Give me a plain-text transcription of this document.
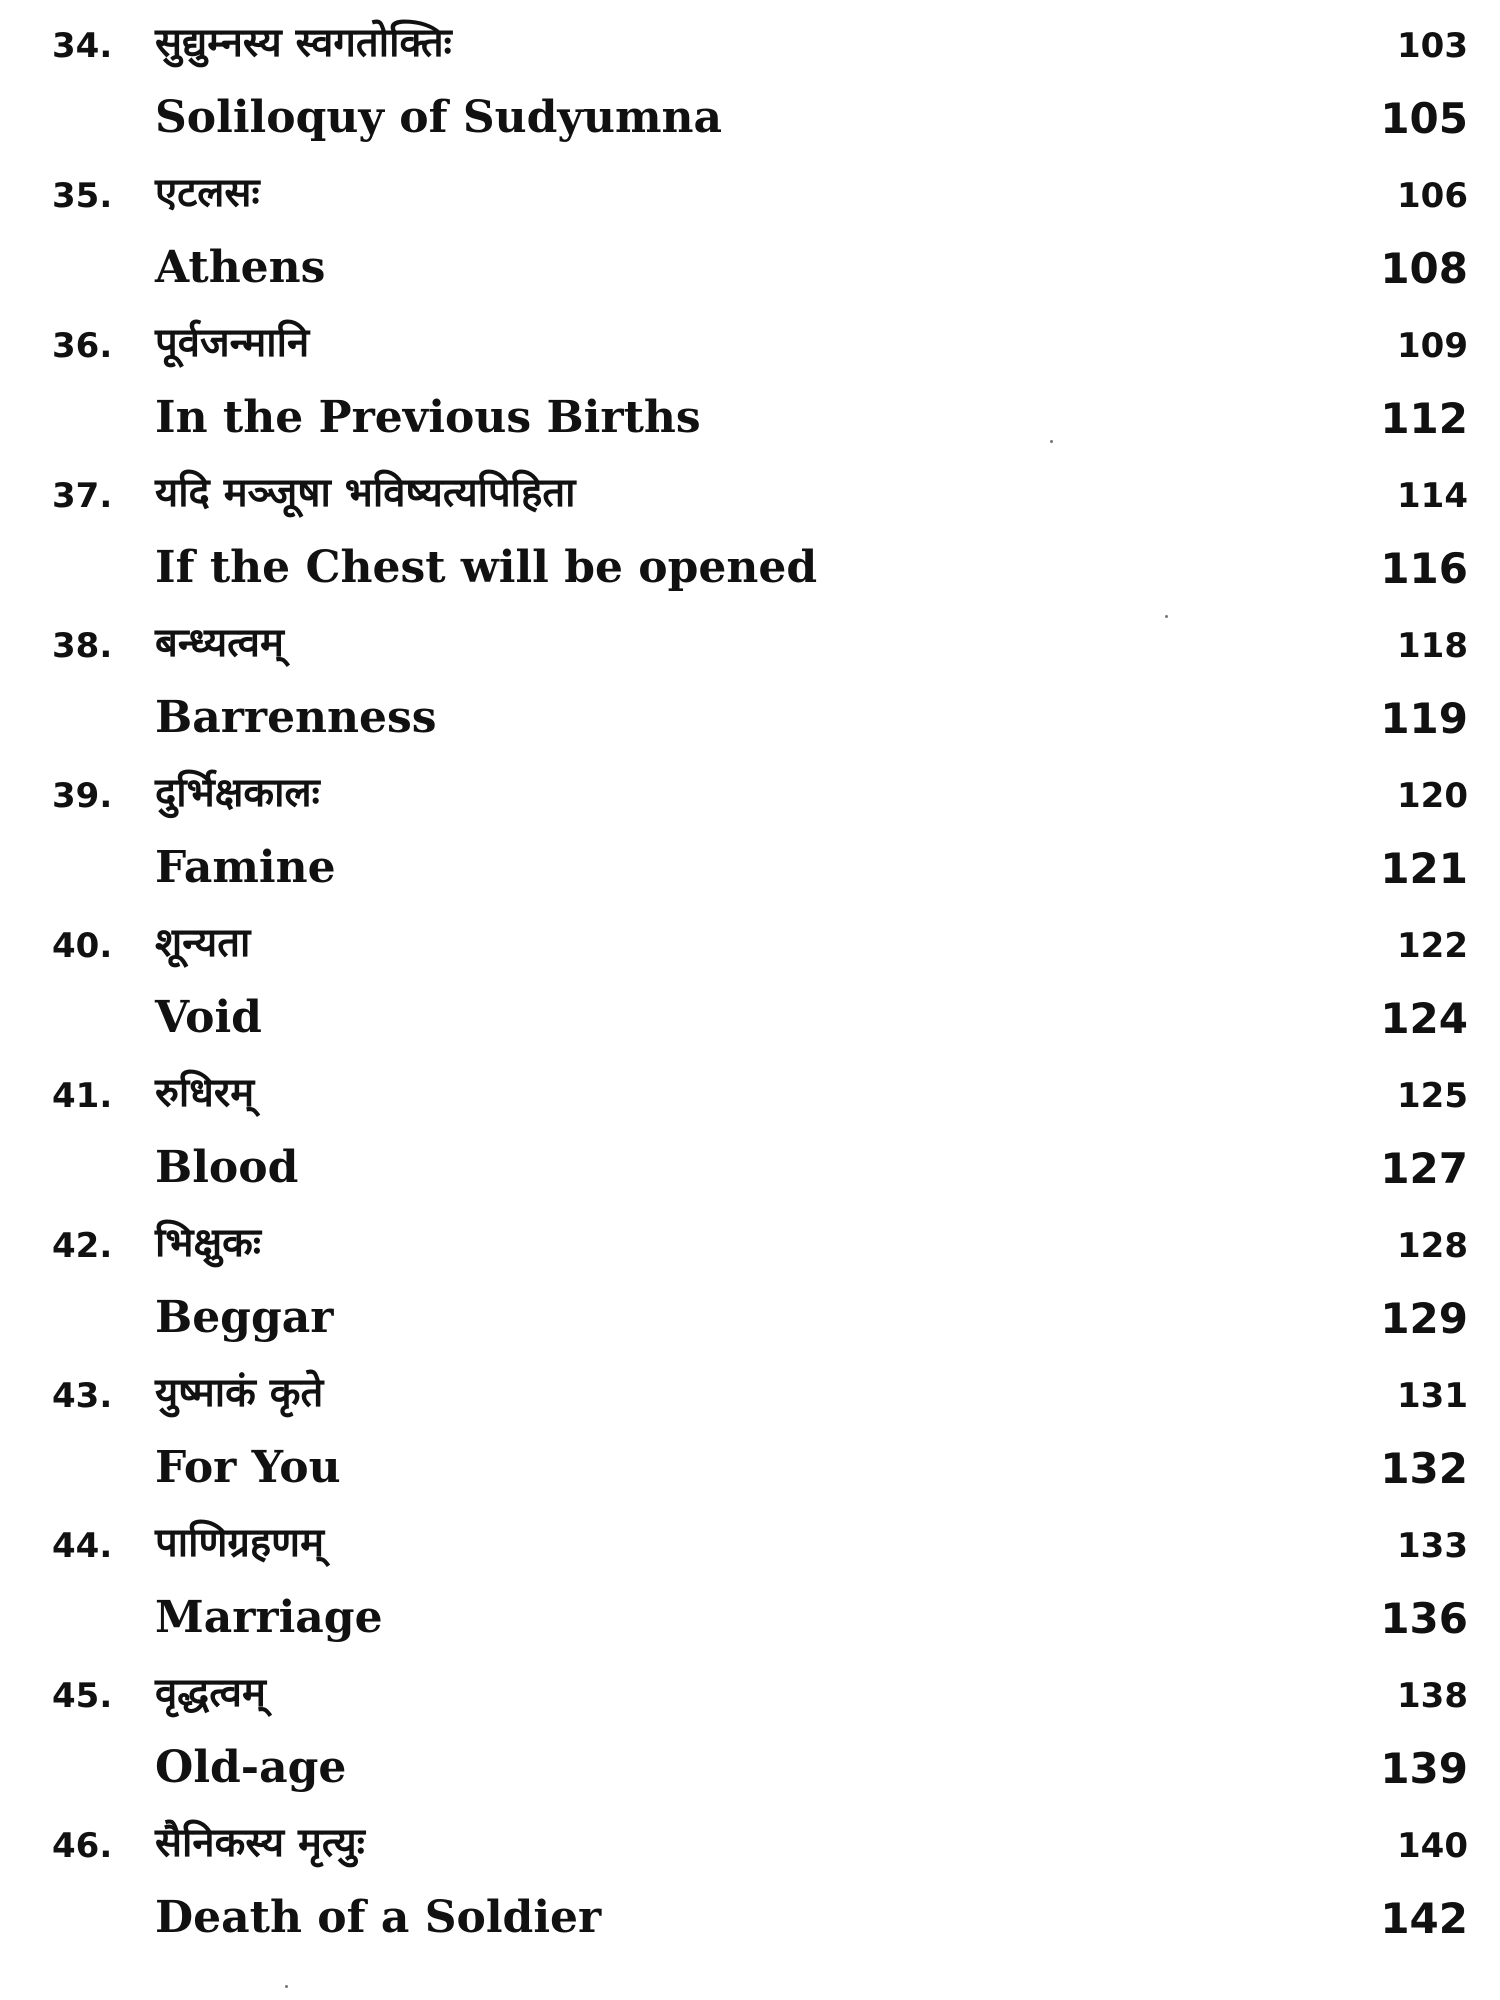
34. सुद्युम्नस्य स्वगतोक्तिः	103
Soliloquy of Sudyumna	105
35. एटलसः	106
Athens	108
36. पूर्वजन्मानि	109
In the Previous Births	112
37. यदि मञ्जूषा भविष्यत्यपिहिता	114
If the Chest will be opened	116
38. बन्ध्यत्वम्	118
Barrenness	119
39. दुर्भिक्षकालः	120
Famine	121
40. शून्यता	122
Void	124
41. रुधिरम्	125
Blood	127
42. भिक्षुकः	128
Beggar	129
43. युष्माकं कृते	131
For You	132
44. पाणिग्रहणम्	133
Marriage	136
45. वृद्धत्वम्	138
Old-age	139
46. सैनिकस्य मृत्युः	140
Death of a Soldier	142
